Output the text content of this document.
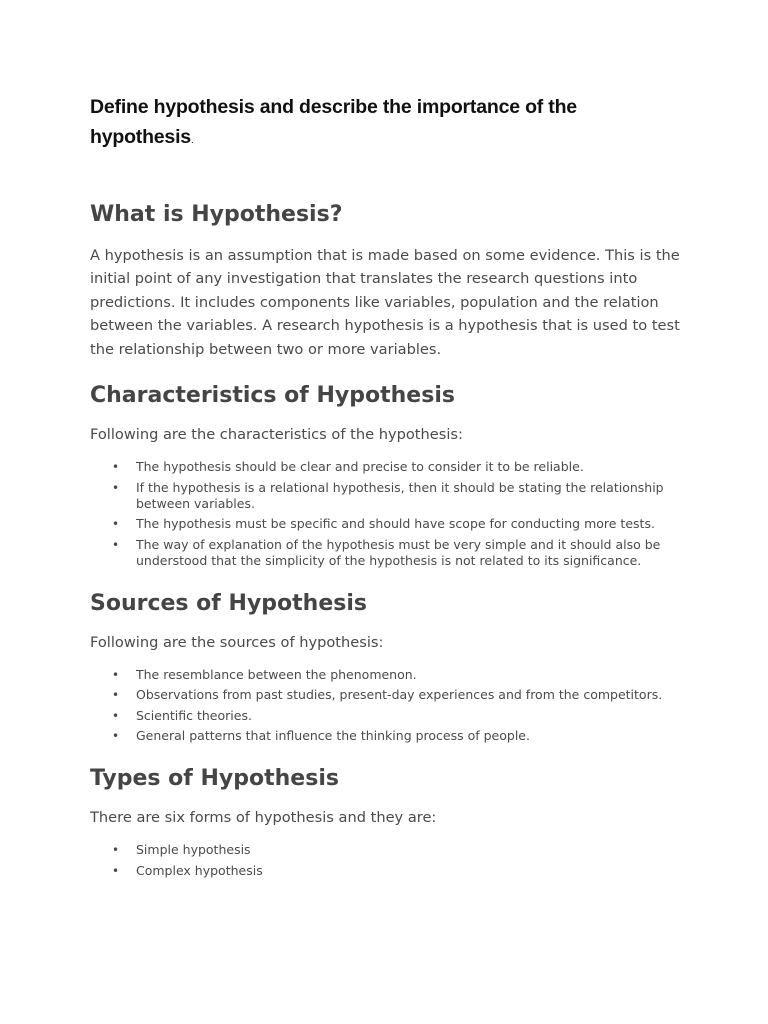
Define hypothesis and describe the importance of the hypothesis.
What is Hypothesis?

A hypothesis is an assumption that is made based on some evidence. This is the initial point of any investigation that translates the research questions into predictions. It includes components like variables, population and the relation between the variables. A research hypothesis is a hypothesis that is used to test the relationship between two or more variables.

Characteristics of Hypothesis

Following are the characteristics of the hypothesis:

• The hypothesis should be clear and precise to consider it to be reliable.
• If the hypothesis is a relational hypothesis, then it should be stating the relationship between variables.
• The hypothesis must be specific and should have scope for conducting more tests.
• The way of explanation of the hypothesis must be very simple and it should also be understood that the simplicity of the hypothesis is not related to its significance.
Sources of Hypothesis

Following are the sources of hypothesis:

• The resemblance between the phenomenon.
• Observations from past studies, present-day experiences and from the competitors.
• Scientific theories.
• General patterns that influence the thinking process of people.
Types of Hypothesis

There are six forms of hypothesis and they are:

• Simple hypothesis
• Complex hypothesis
